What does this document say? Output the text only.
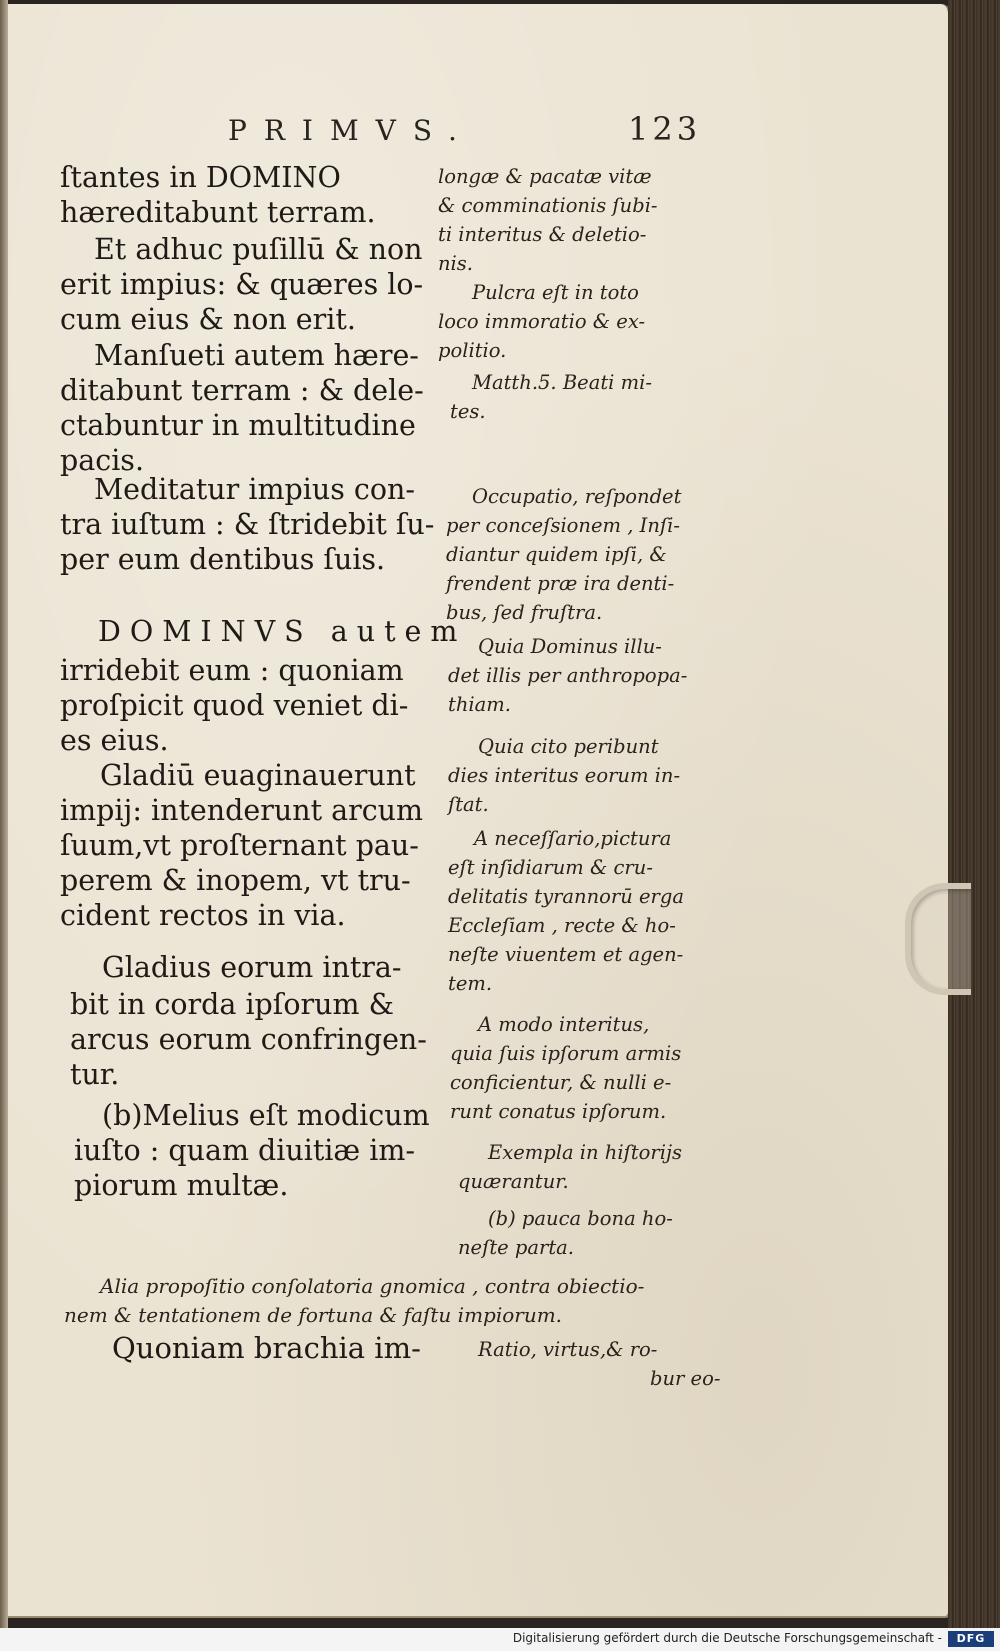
PRIMVS.	123
ſtantes in DOMINO
hæreditabunt terram.
Et adhuc puſillū & non
erit impius: & quæres lo-
cum eius & non erit.
Manſueti autem hære-
ditabunt terram : & dele-
ctabuntur in multitudine
pacis.
Meditatur impius con-
tra iuſtum : & ſtridebit ſu-
per eum dentibus ſuis.
DOMINVS autem
irridebit eum : quoniam
proſpicit quod veniet di-
es eius.
Gladiū euaginauerunt
impij: intenderunt arcum
ſuum,vt proſternant pau-
perem & inopem, vt tru-
cident rectos in via.
Gladius eorum intra-
bit in corda ipſorum &
arcus eorum confringen-
tur.
(b)Melius eſt modicum
iuſto : quam diuitiæ im-
piorum multæ.
longæ & pacatæ vitæ
& comminationis ſubi-
ti interitus & deletio-
nis.
Pulcra eſt in toto
loco immoratio & ex-
politio.
Matth.5. Beati mi-
tes.
Occupatio, reſpondet
per conceſsionem , Inſi-
diantur quidem ipſi, &
frendent præ ira denti-
bus, ſed fruſtra.
Quia Dominus illu-
det illis per anthropopa-
thiam.
Quia cito peribunt
dies interitus eorum in-
ſtat.
A neceſſario,pictura
eſt inſidiarum & cru-
delitatis tyrannorū erga
Eccleſiam , recte & ho-
neſte viuentem et agen-
tem.
A modo interitus,
quia ſuis ipſorum armis
conficientur, & nulli e-
runt conatus ipſorum.
Exempla in hiſtorijs
quærantur.
(b) pauca bona ho-
neſte parta.
Alia propoſitio conſolatoria gnomica , contra obiectio-
nem & tentationem de fortuna & faſtu impiorum.
Quoniam brachia im-	Ratio, virtus,& ro-
bur eo-
Digitalisierung gefördert durch die Deutsche Forschungsgemeinschaft -	DFG
